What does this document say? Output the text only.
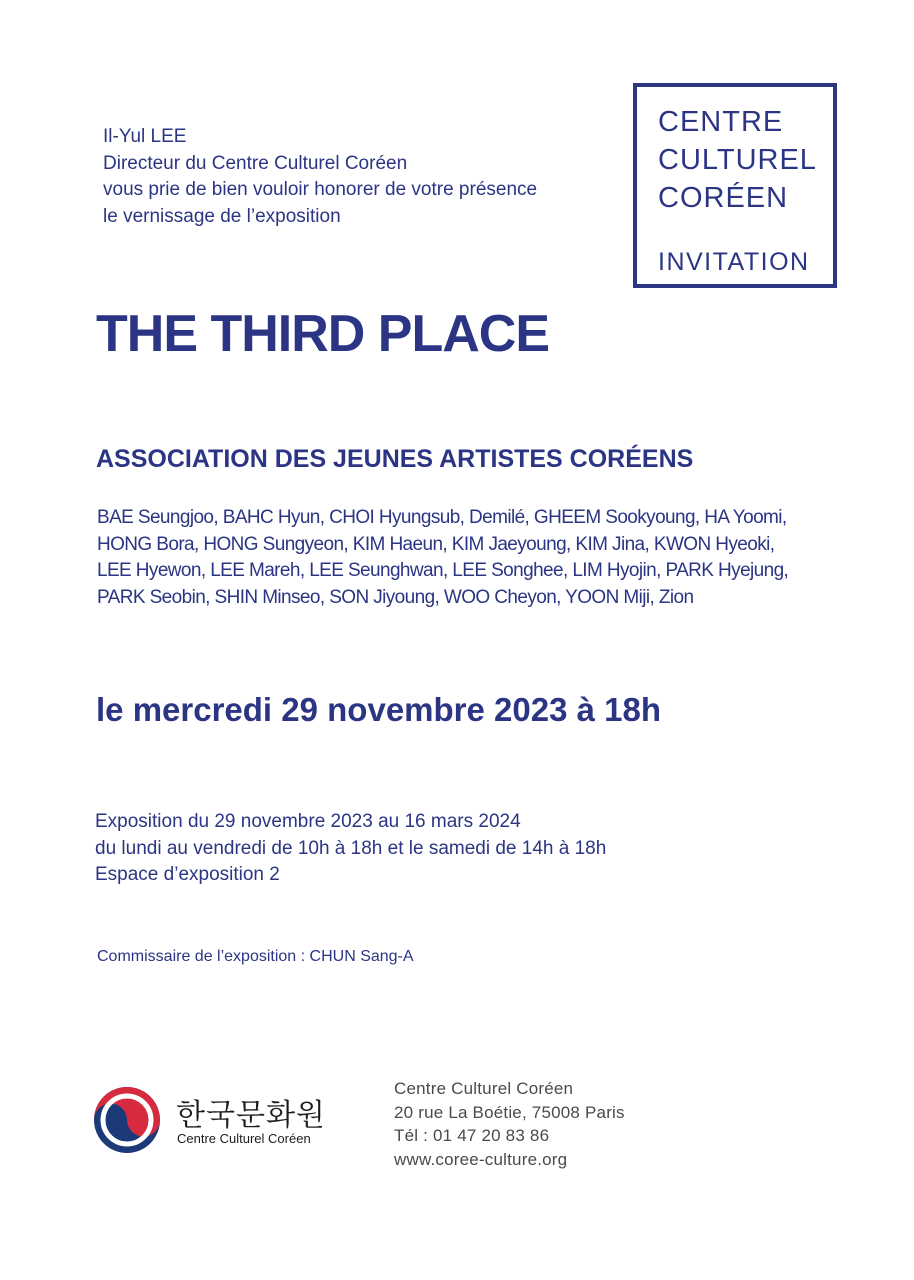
Il-Yul LEE
Directeur du Centre Culturel Coréen
vous prie de bien vouloir honorer de votre présence
le vernissage de l’exposition
CENTRE
CULTUREL
CORÉEN
INVITATION
THE THIRD PLACE
ASSOCIATION DES JEUNES ARTISTES CORÉENS
BAE Seungjoo, BAHC Hyun, CHOI Hyungsub, Demilé, GHEEM Sookyoung, HA Yoomi,
HONG Bora, HONG Sungyeon, KIM Haeun, KIM Jaeyoung, KIM Jina, KWON Hyeoki,
LEE Hyewon, LEE Mareh, LEE Seunghwan, LEE Songhee, LIM Hyojin, PARK Hyejung,
PARK Seobin, SHIN Minseo, SON Jiyoung, WOO Cheyon, YOON Miji, Zion
le mercredi 29 novembre 2023 à 18h
Exposition du 29 novembre 2023 au 16 mars 2024
du lundi au vendredi de 10h à 18h et le samedi de 14h à 18h
Espace d’exposition 2
Commissaire de l’exposition : CHUN Sang-A
한국문화원
Centre Culturel Coréen
Centre Culturel Coréen
20 rue La Boétie, 75008 Paris
Tél : 01 47 20 83 86
www.coree-culture.org
